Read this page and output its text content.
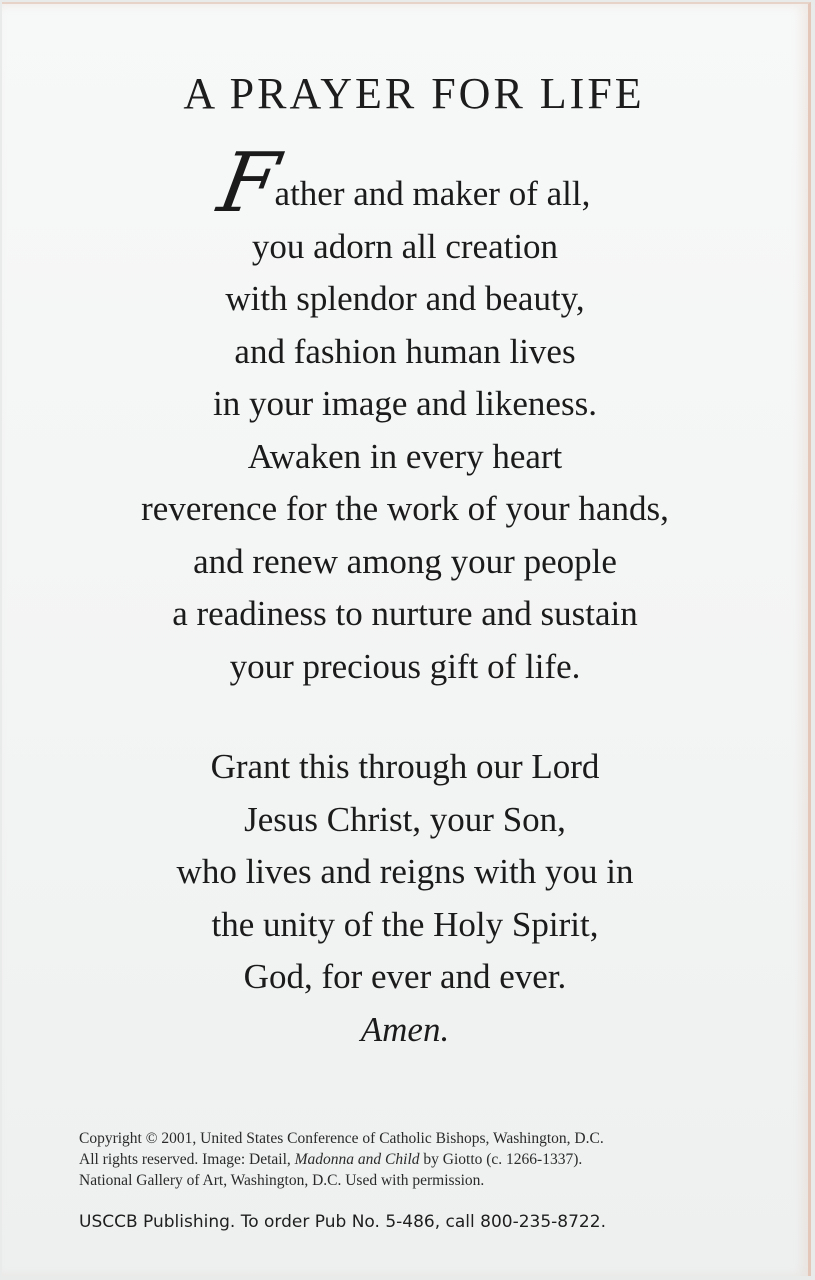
A PRAYER FOR LIFE
Father and maker of all,
you adorn all creation
with splendor and beauty,
and fashion human lives
in your image and likeness.
Awaken in every heart
reverence for the work of your hands,
and renew among your people
a readiness to nurture and sustain
your precious gift of life.
Grant this through our Lord
Jesus Christ, your Son,
who lives and reigns with you in
the unity of the Holy Spirit,
God, for ever and ever.
Amen.

Copyright © 2001, United States Conference of Catholic Bishops, Washington, D.C.

All rights reserved. Image: Detail, Madonna and Child by Giotto (c. 1266-1337).

National Gallery of Art, Washington, D.C. Used with permission.

USCCB Publishing. To order Pub No. 5-486, call 800-235-8722.
